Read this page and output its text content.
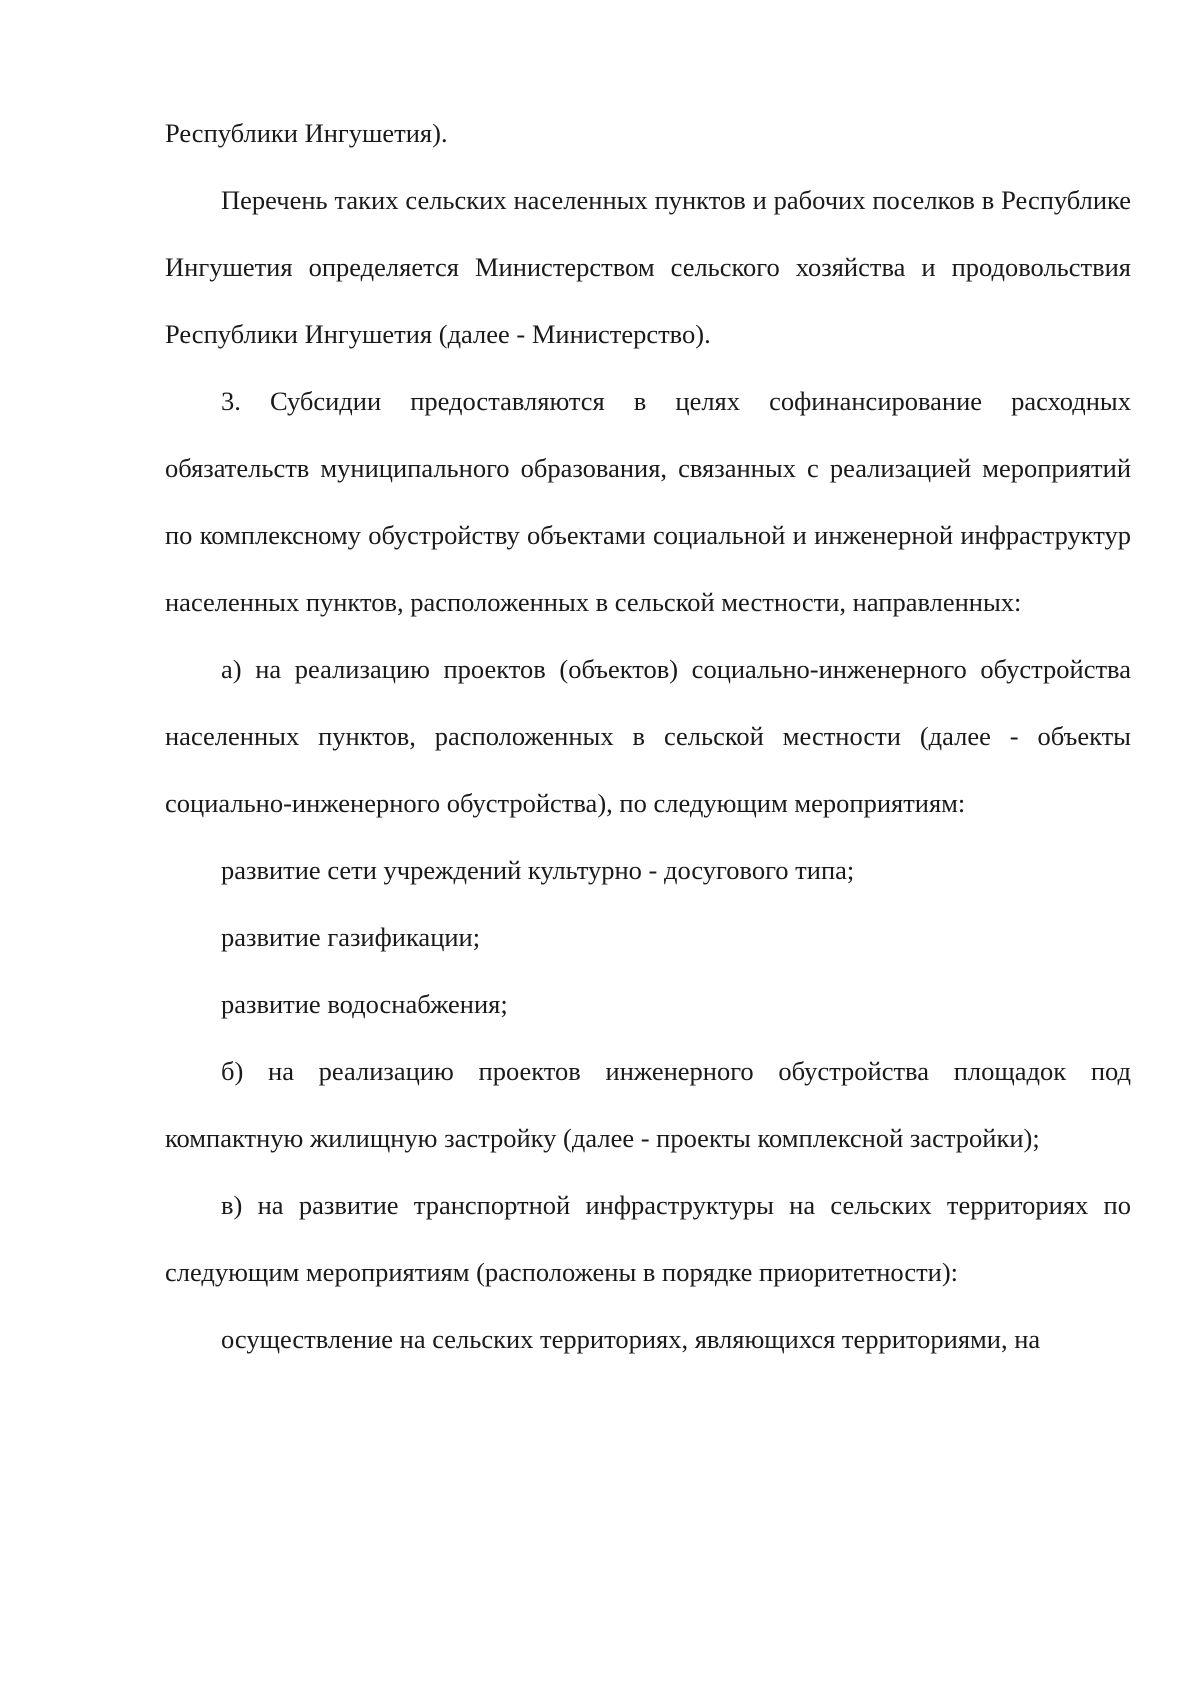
Республики Ингушетия).

Перечень таких сельских населенных пунктов и рабочих поселков в Республике Ингушетия определяется Министерством сельского хозяйства и продовольствия Республики Ингушетия (далее - Министерство).

3. Субсидии предоставляются в целях софинансирование расходных обязательств муниципального образования, связанных с реализацией мероприятий по комплексному обустройству объектами социальной и инженерной инфраструктур населенных пунктов, расположенных в сельской местности, направленных:

а) на реализацию проектов (объектов) социально-инженерного обустройства населенных пунктов, расположенных в сельской местности (далее - объекты социально-инженерного обустройства), по следующим мероприятиям:

развитие сети учреждений культурно - досугового типа;

развитие газификации;

развитие водоснабжения;

б) на реализацию проектов инженерного обустройства площадок под компактную жилищную застройку (далее - проекты комплексной застройки);

в) на развитие транспортной инфраструктуры на сельских территориях по следующим мероприятиям (расположены в порядке приоритетности):

осуществление на сельских территориях, являющихся территориями, на
